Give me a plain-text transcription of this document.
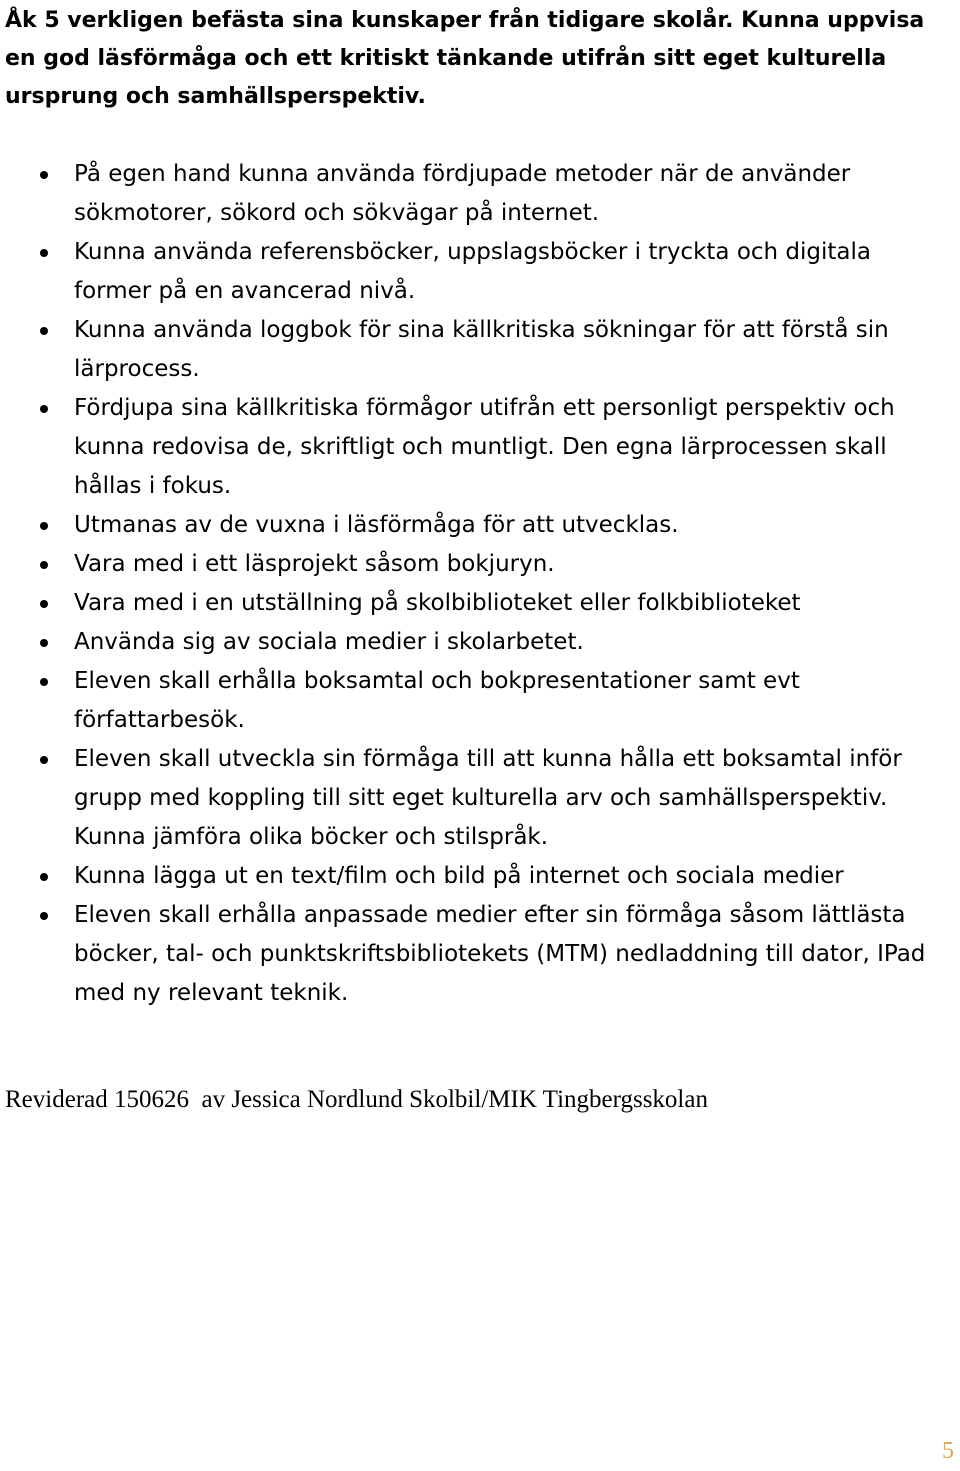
Åk 5 verkligen befästa sina kunskaper från tidigare skolår. Kunna uppvisa en god läsförmåga och ett kritiskt tänkande utifrån sitt eget kulturella ursprung och samhällsperspektiv.

På egen hand kunna använda fördjupade metoder när de använder sökmotorer, sökord och sökvägar på internet.
Kunna använda referensböcker, uppslagsböcker i tryckta och digitala former på en avancerad nivå.
Kunna använda loggbok för sina källkritiska sökningar för att förstå sin lärprocess.
Fördjupa sina källkritiska förmågor utifrån ett personligt perspektiv och kunna redovisa de, skriftligt och muntligt. Den egna lärprocessen skall hållas i fokus.
Utmanas av de vuxna i läsförmåga för att utvecklas.
Vara med i ett läsprojekt såsom bokjuryn.
Vara med i en utställning på skolbiblioteket eller folkbiblioteket
Använda sig av sociala medier i skolarbetet.
Eleven skall erhålla boksamtal och bokpresentationer samt evt författarbesök.
Eleven skall utveckla sin förmåga till att kunna hålla ett boksamtal inför grupp med koppling till sitt eget kulturella arv och samhällsperspektiv. Kunna jämföra olika böcker och stilspråk.
Kunna lägga ut en text/film och bild på internet och sociala medier
Eleven skall erhålla anpassade medier efter sin förmåga såsom lättlästa böcker, tal- och punktskriftsbibliotekets (MTM) nedladdning till dator, IPad med ny relevant teknik.

Reviderad 150626  av Jessica Nordlund Skolbil/MIK Tingbergsskolan

5
